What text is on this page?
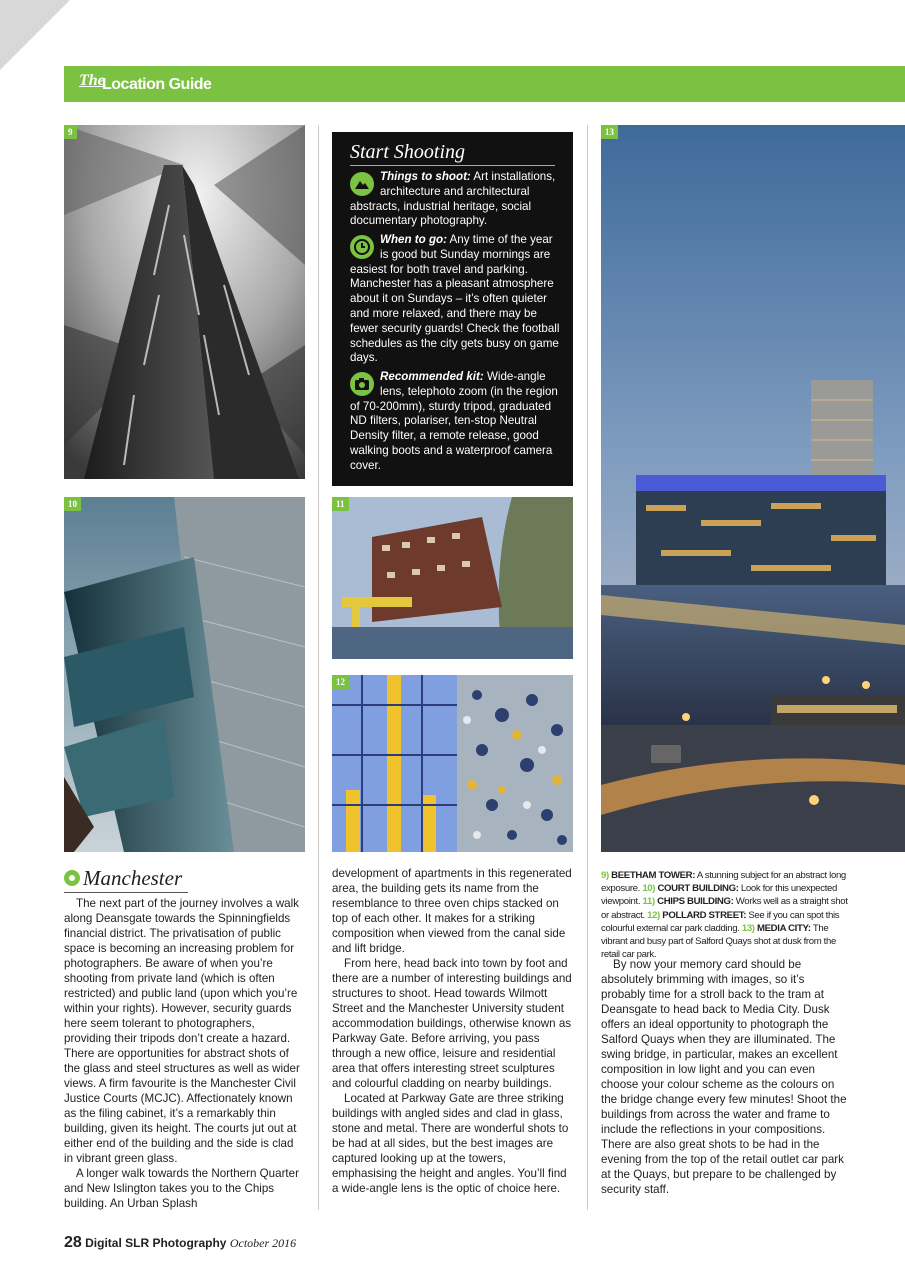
The
Location Guide
9
Start Shooting
Things to shoot: Art installations, architecture and architectural abstracts, industrial heritage, social documentary photography.
When to go: Any time of the year is good but Sunday mornings are easiest for both travel and parking. Manchester has a pleasant atmosphere about it on Sundays – it’s often quieter and more relaxed, and there may be fewer security guards! Check the football schedules as the city gets busy on game days.
Recommended kit: Wide-angle lens, telephoto zoom (in the region of 70-200mm), sturdy tripod, graduated ND filters, polariser, ten-stop Neutral Density filter, a remote release, good walking boots and a waterproof camera cover.
13
10	11
12
Manchester

The next part of the journey involves a walk along Deansgate towards the Spinningfields financial district. The privatisation of public space is becoming an increasing problem for photographers. Be aware of when you’re shooting from private land (which is often restricted) and public land (upon which you’re within your rights). However, security guards here seem tolerant to photographers, providing their tripods don’t create a hazard. There are opportunities for abstract shots of the glass and steel structures as well as wider views. A firm favourite is the Manchester Civil Justice Courts (MCJC). Affectionately known as the filing cabinet, it’s a remarkably thin building, given its height. The courts jut out at either end of the building and the side is clad in vibrant green glass.

A longer walk towards the Northern Quarter and New Islington takes you to the Chips building. An Urban Splash

development of apartments in this regenerated area, the building gets its name from the resemblance to three oven chips stacked on top of each other. It makes for a striking composition when viewed from the canal side and lift bridge.

From here, head back into town by foot and there are a number of interesting buildings and structures to shoot. Head towards Wilmott Street and the Manchester University student accommodation buildings, otherwise known as Parkway Gate. Before arriving, you pass through a new office, leisure and residential area that offers interesting street sculptures and colourful cladding on nearby buildings.

Located at Parkway Gate are three striking buildings with angled sides and clad in glass, stone and metal. There are wonderful shots to be had at all sides, but the best images are captured looking up at the towers, emphasising the height and angles. You’ll find a wide-angle lens is the optic of choice here.

9) BEETHAM TOWER: A stunning subject for an abstract long exposure. 10) COURT BUILDING: Look for this unexpected viewpoint. 11) CHIPS BUILDING: Works well as a straight shot or abstract. 12) POLLARD STREET: See if you can spot this colourful external car park cladding. 13) MEDIA CITY: The vibrant and busy part of Salford Quays shot at dusk from the retail car park.

By now your memory card should be absolutely brimming with images, so it’s probably time for a stroll back to the tram at Deansgate to head back to Media City. Dusk offers an ideal opportunity to photograph the Salford Quays when they are illuminated. The swing bridge, in particular, makes an excellent composition in low light and you can even choose your colour scheme as the colours on the bridge change every few minutes! Shoot the buildings from across the water and frame to include the reflections in your compositions. There are also great shots to be had in the evening from the top of the retail outlet car park at the Quays, but prepare to be challenged by security staff.

28 Digital SLR Photography October 2016
